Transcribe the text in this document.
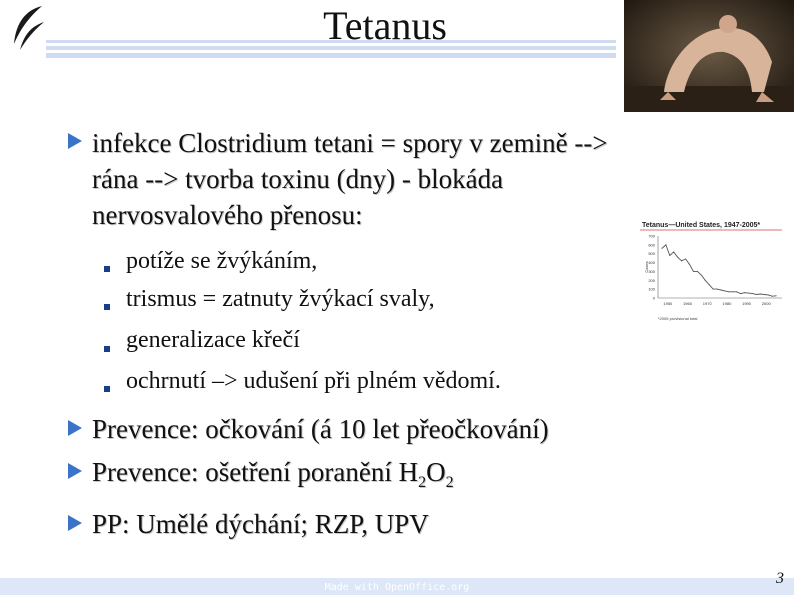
Tetanus
Tetanus—United States, 1947-2005*
700
600
500
400
300
200
100
0
1950	1960	1970	1980	1990	2000
Cases
*2005 provisional total
infekce Clostridium tetani = spory v zemině -->
rána --> tvorba toxinu (dny) - blokáda
nervosvalového přenosu:
potíže se žvýkáním,
trismus = zatnuty žvýkací svaly,
generalizace křečí
ochrnutí –> udušení při plném vědomí.
Prevence: očkování (á 10 let přeočkování)
Prevence: ošetření poranění $H_2O_2$
PP: Umělé dýchání; RZP, UPV
Made with OpenOffice.org
3
